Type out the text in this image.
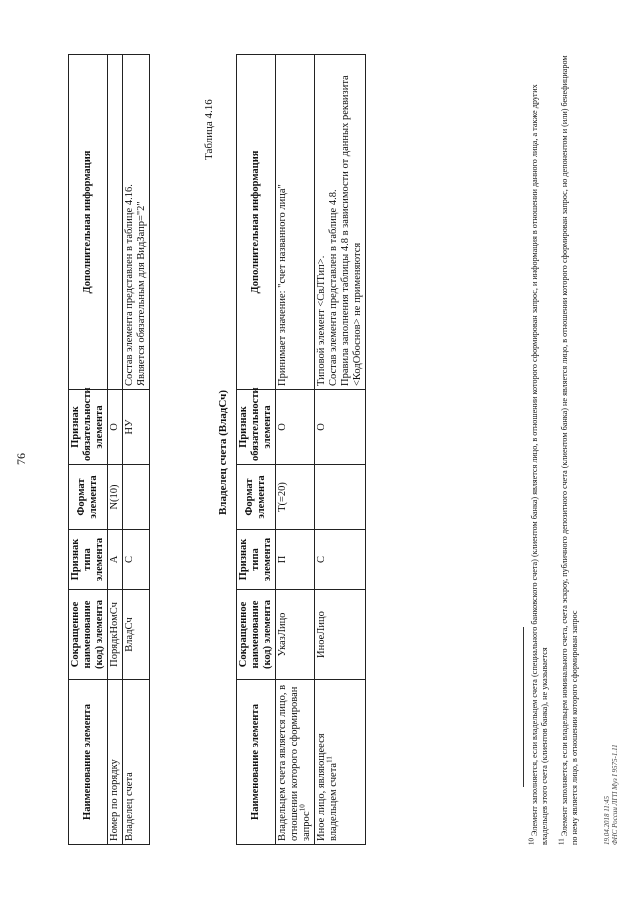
76
Наименование элемента	Сокращенное наименование (код) элемента	Признак типа элемента	Формат элемента	Признак обязательности элемента	Дополнительная информация
Номер по порядку	ПорядкНомСч	А	N(10)	О	
Владелец счета	ВладСч	С		НУ	Состав элемента представлен в таблице 4.16.
Является обязательным для ВидЗапр="2"
Таблица 4.16
Владелец счета (ВладСч)
Наименование элемента	Сокращенное наименование (код) элемента	Признак типа элемента	Формат элемента	Признак обязательности элемента	Дополнительная информация
Владельцем счета является лицо, в отношении которого сформирован запрос$^{10}$	УказЛицо	П	T(=20)	О	Принимает значение: "счет названного лица"
Иное лицо, являющееся владельцем счета$^{11}$	ИноеЛицо	С		О	Типовой элемент <СвЛТип>.
Состав элемента представлен в таблице 4.8.
Правила заполнения таблицы 4.8 в зависимости от данных реквизита <КодОбоснов> не применяются
$^{10}$ Элемент заполняется, если владельцем счета (специального банковского счета) (клиентом банка) является лицо, в отношении которого сформирован запрос, и информация в отношении данного лица, а также других владельцев этого счета (клиентов банка), не указывается $^{11}$ Элемент заполняется, если владельцем номинального счета, счета эскроу, публичного депозитного счета (клиентом банка) не является лицо, в отношении которого сформирован запрос, но депонентом и (или) бенефициаром по нему является лицо, в отношении которого сформирован запрос	19.04.2018 11:45 ФНС России ЛГП Муз I 9575-1.11
